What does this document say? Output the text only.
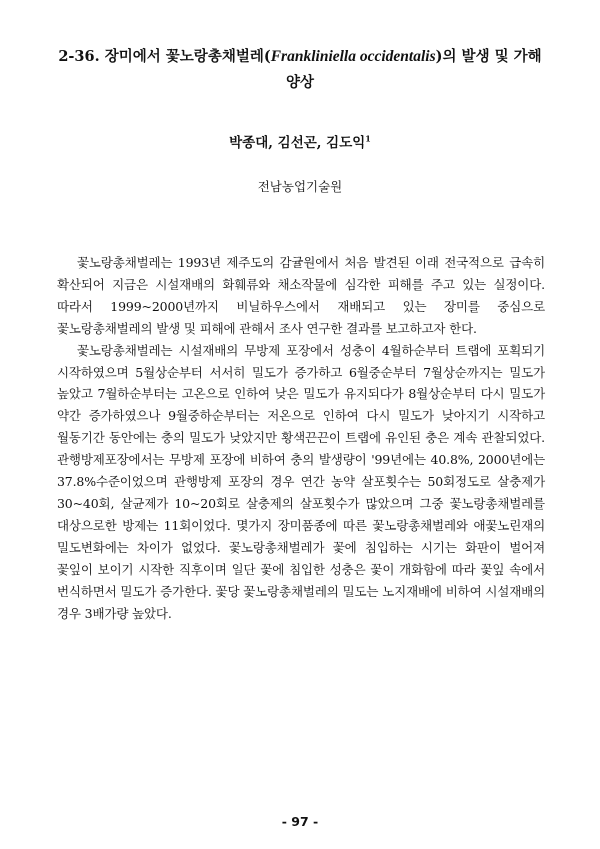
2-36. 장미에서 꽃노랑총채벌레(Frankliniella occidentalis)의 발생 및 가해 양상
박종대, 김선곤, 김도익$^1$
전남농업기술원

꽃노랑총채벌레는 1993년 제주도의 감귤원에서 처음 발견된 이래 전국적으로 급속히 확산되어 지금은 시설재배의 화훼류와 채소작물에 심각한 피해를 주고 있는 실정이다. 따라서 1999~2000년까지 비닐하우스에서 재배되고 있는 장미를 중심으로 꽃노랑총채벌레의 발생 및 피해에 관해서 조사 연구한 결과를 보고하고자 한다.

꽃노랑총채벌레는 시설재배의 무방제 포장에서 성충이 4월하순부터 트랩에 포획되기 시작하였으며 5월상순부터 서서히 밀도가 증가하고 6월중순부터 7월상순까지는 밀도가 높았고 7월하순부터는 고온으로 인하여 낮은 밀도가 유지되다가 8월상순부터 다시 밀도가 약간 증가하였으나 9월중하순부터는 저온으로 인하여 다시 밀도가 낮아지기 시작하고 월동기간 동안에는 충의 밀도가 낮았지만 황색끈끈이 트랩에 유인된 충은 계속 관찰되었다. 관행방제포장에서는 무방제 포장에 비하여 충의 발생량이 '99년에는 40.8%, 2000년에는 37.8%수준이었으며 관행방제 포장의 경우 연간 농약 살포횟수는 50회정도로 살충제가 30~40회, 살균제가 10~20회로 살충제의 살포횟수가 많았으며 그중 꽃노랑총채벌레를 대상으로한 방제는 11회이었다. 몇가지 장미품종에 따른 꽃노랑총채벌레와 애꽃노린재의 밀도변화에는 차이가 없었다. 꽃노랑총채벌레가 꽃에 침입하는 시기는 화판이 벌어져 꽃잎이 보이기 시작한 직후이며 일단 꽃에 침입한 성충은 꽃이 개화함에 따라 꽃잎 속에서 번식하면서 밀도가 증가한다. 꽃당 꽃노랑총채벌레의 밀도는 노지재배에 비하여 시설재배의 경우 3배가량 높았다.

- 97 -
